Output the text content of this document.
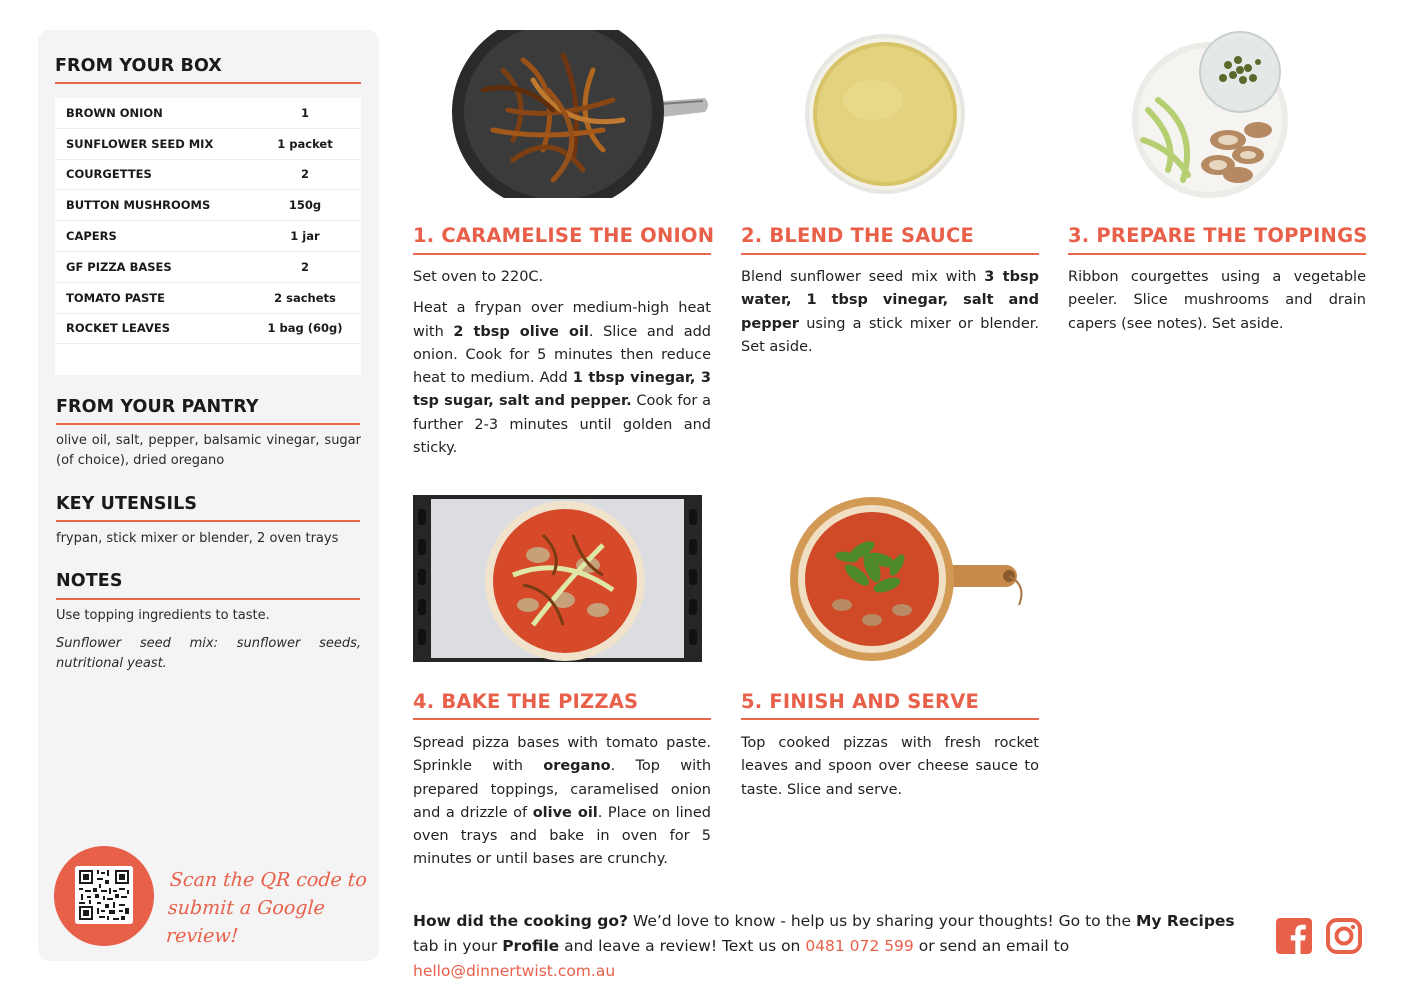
FROM YOUR BOX
BROWN ONION	1
SUNFLOWER SEED MIX	1 packet
COURGETTES	2
BUTTON MUSHROOMS	150g
CAPERS	1 jar
GF PIZZA BASES	2
TOMATO PASTE	2 sachets
ROCKET LEAVES	1 bag (60g)
FROM YOUR PANTRY
olive oil, salt, pepper, balsamic vinegar, sugar (of choice), dried oregano
KEY UTENSILS
frypan, stick mixer or blender, 2 oven trays
NOTES
Use topping ingredients to taste.
Sunflower seed mix: sunflower seeds, nutritional yeast.
Scan the QR code to
submit a Google review!
1. CARAMELISE THE ONION

Set oven to 220C.

Heat a frypan over medium-high heat with 2 tbsp olive oil. Slice and add onion. Cook for 5 minutes then reduce heat to medium. Add 1 tbsp vinegar, 3 tsp sugar, salt and pepper. Cook for a further 2-3 minutes until golden and sticky.

2. BLEND THE SAUCE

Blend sunflower seed mix with 3 tbsp water, 1 tbsp vinegar, salt and pepper using a stick mixer or blender. Set aside.

3. PREPARE THE TOPPINGS

Ribbon courgettes using a vegetable peeler. Slice mushrooms and drain capers (see notes). Set aside.

4. BAKE THE PIZZAS

Spread pizza bases with tomato paste. Sprinkle with oregano. Top with prepared toppings, caramelised onion and a drizzle of olive oil. Place on lined oven trays and bake in oven for 5 minutes or until bases are crunchy.

5. FINISH AND SERVE

Top cooked pizzas with fresh rocket leaves and spoon over cheese sauce to taste. Slice and serve.

How did the cooking go? We’d love to know - help us by sharing your thoughts! Go to the My Recipes tab in your Profile and leave a review! Text us on 0481 072 599 or send an email to hello@dinnertwist.com.au
